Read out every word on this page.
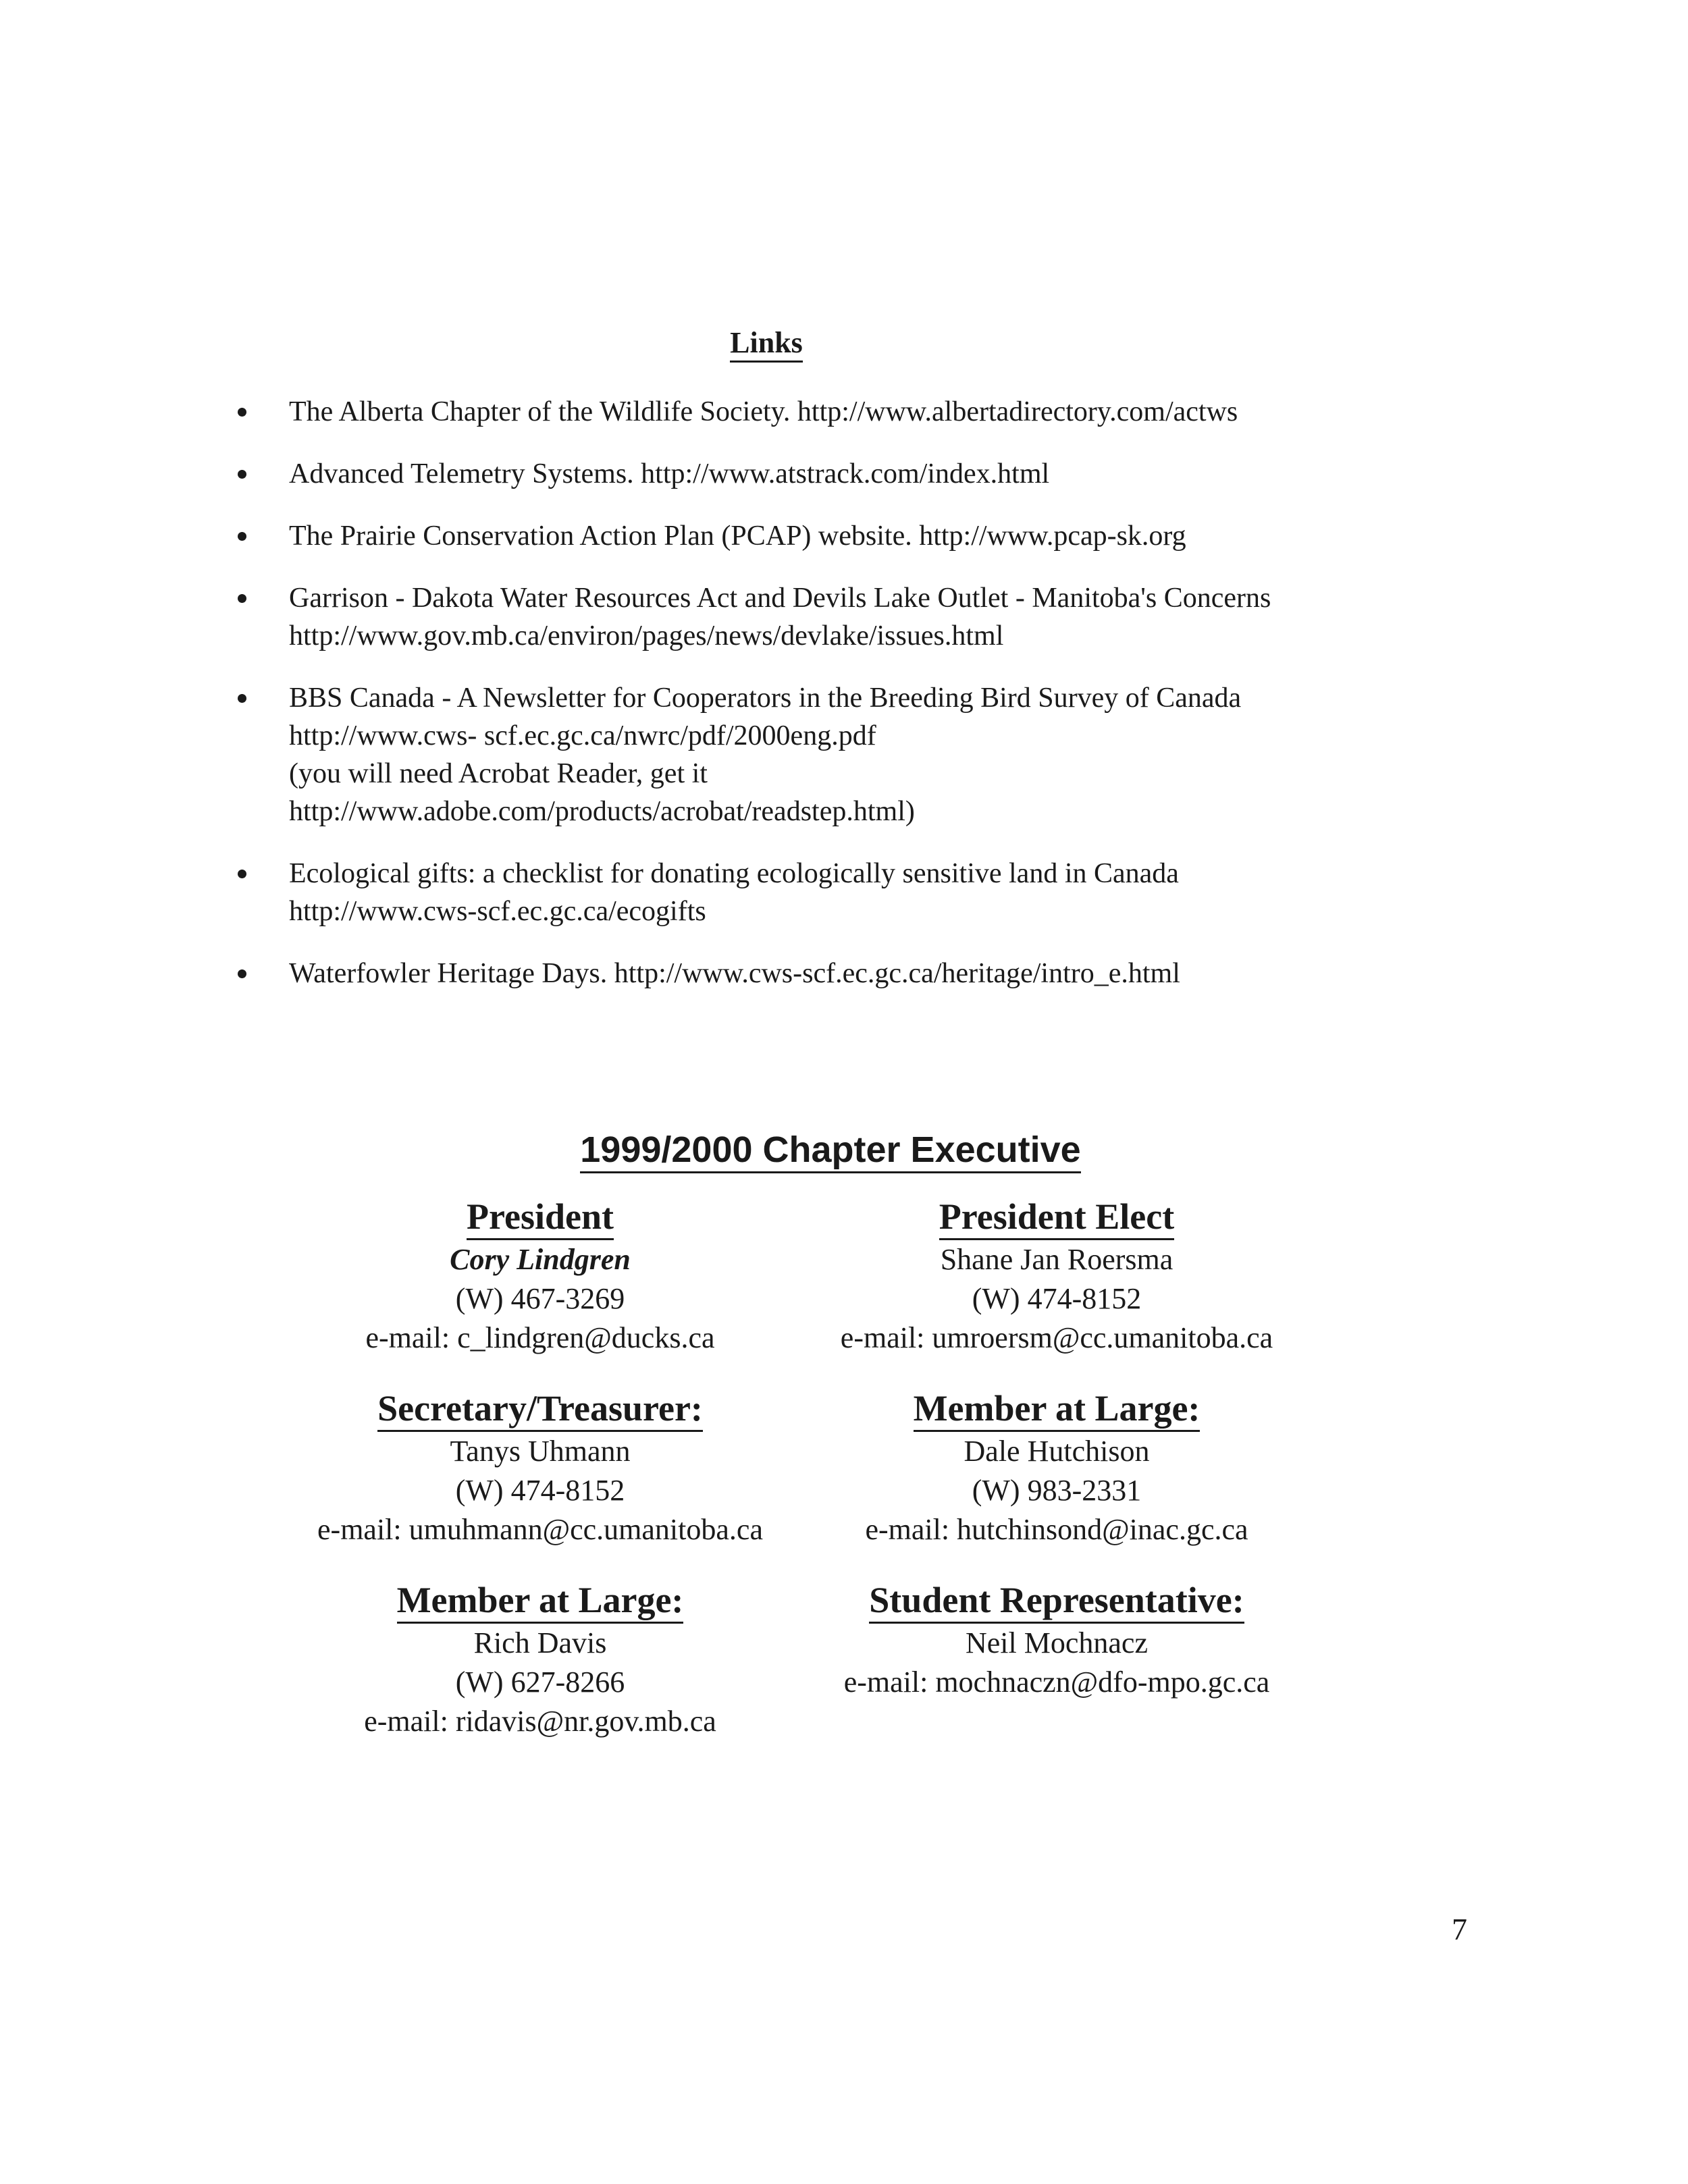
Links
The Alberta Chapter of the Wildlife Society. http://www.albertadirectory.com/actws
Advanced Telemetry Systems. http://www.atstrack.com/index.html
The Prairie Conservation Action Plan (PCAP) website. http://www.pcap-sk.org
Garrison - Dakota Water Resources Act and Devils Lake Outlet - Manitoba's Concerns
http://www.gov.mb.ca/environ/pages/news/devlake/issues.html
BBS Canada - A Newsletter for Cooperators in the Breeding Bird Survey of Canada
http://www.cws- scf.ec.gc.ca/nwrc/pdf/2000eng.pdf
(you will need Acrobat Reader, get it
http://www.adobe.com/products/acrobat/readstep.html)
Ecological gifts: a checklist for donating ecologically sensitive land in Canada
http://www.cws-scf.ec.gc.ca/ecogifts
Waterfowler Heritage Days. http://www.cws-scf.ec.gc.ca/heritage/intro_e.html
1999/2000 Chapter Executive
President
Cory Lindgren
(W) 467-3269
e-mail: c_lindgren@ducks.ca
President Elect
Shane Jan Roersma
(W) 474-8152
e-mail: umroersm@cc.umanitoba.ca
Secretary/Treasurer:
Tanys Uhmann
(W) 474-8152
e-mail: umuhmann@cc.umanitoba.ca
Member at Large:
Dale Hutchison
(W) 983-2331
e-mail: hutchinsond@inac.gc.ca
Member at Large:
Rich Davis
(W) 627-8266
e-mail: ridavis@nr.gov.mb.ca
Student Representative:
Neil Mochnacz
e-mail: mochnaczn@dfo-mpo.gc.ca
7
